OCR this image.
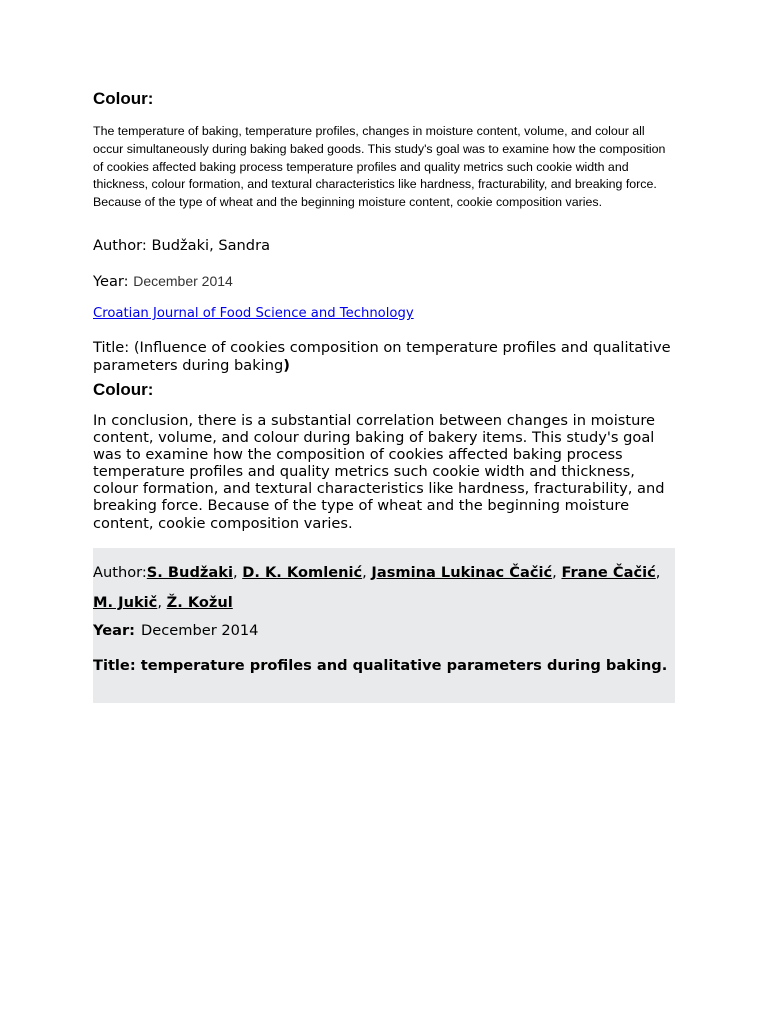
Colour:

The temperature of baking, temperature profiles, changes in moisture content, volume, and colour all occur simultaneously during baking baked goods. This study's goal was to examine how the composition of cookies affected baking process temperature profiles and quality metrics such cookie width and thickness, colour formation, and textural characteristics like hardness, fracturability, and breaking force. Because of the type of wheat and the beginning moisture content, cookie composition varies.

Author: Budžaki, Sandra
Year: December 2014
Croatian Journal of Food Science and Technology
Title: (Influence of cookies composition on temperature profiles and qualitative parameters during baking)
Colour:

In conclusion, there is a substantial correlation between changes in moisture content, volume, and colour during baking of bakery items. This study's goal was to examine how the composition of cookies affected baking process temperature profiles and quality metrics such cookie width and thickness, colour formation, and textural characteristics like hardness, fracturability, and breaking force. Because of the type of wheat and the beginning moisture content, cookie composition varies.

Author:S. Budžaki, D. K. Komlenić, Jasmina Lukinac Čačić, Frane Čačić, M. Jukič, Ž. Kožul
Year: December 2014
Title: temperature profiles and qualitative parameters during baking.
